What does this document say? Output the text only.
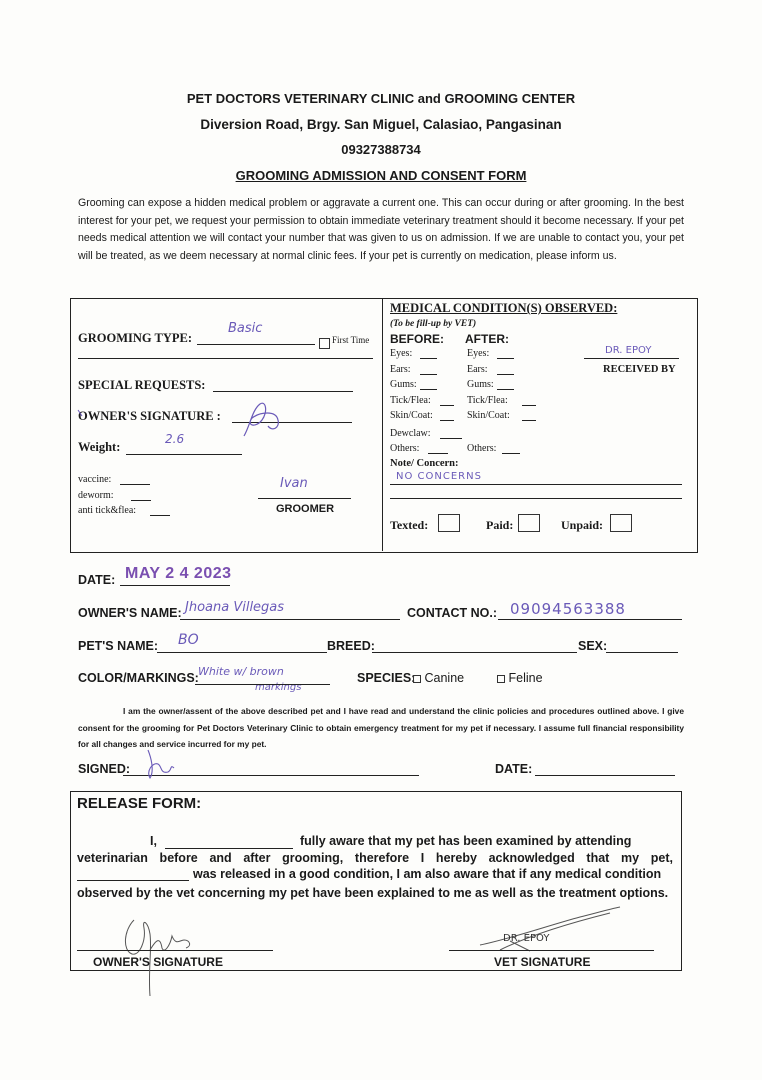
PET DOCTORS VETERINARY CLINIC and GROOMING CENTER
Diversion Road, Brgy. San Miguel, Calasiao, Pangasinan
09327388734
GROOMING ADMISSION AND CONSENT FORM
Grooming can expose a hidden medical problem or aggravate a current one. This can occur during or after grooming. In the best interest for your pet, we request your permission to obtain immediate veterinary treatment should it become necessary. If your pet needs medical attention we will contact your number that was given to us on admission. If we are unable to contact you, your pet will be treated, as we deem necessary at normal clinic fees. If your pet is currently on medication, please inform us.
GROOMING TYPE:
Basic
First Time
SPECIAL REQUESTS:
OWNER'S SIGNATURE :
Weight:
2.6
vaccine:
deworm:
anti tick&flea:
Ivan
GROOMER
MEDICAL CONDITION(S) OBSERVED:
(To be fill-up by VET)
BEFORE: AFTER:
Eyes:	Eyes:
Ears:	Ears:
Gums:	Gums:
Tick/Flea:	Tick/Flea:
Skin/Coat:	Skin/Coat:
Dewclaw:
Others:	Others:
Note/ Concern:
NO CONCERNS
DR. EPOY
RECEIVED BY
Texted:	Paid:	Unpaid:
DATE: MAY 2 4 2023
OWNER'S NAME: Jhoana Villegas	CONTACT NO.: 09094563388
PET'S NAME: BO	BREED:	SEX:
COLOR/MARKINGS: White w/ brown
markings
SPECIES: Canine	Feline
I am the owner/assent of the above described pet and I have read and understand the clinic policies and procedures outlined above. I give consent for the grooming for Pet Doctors Veterinary Clinic to obtain emergency treatment for my pet if necessary. I assume full financial responsibility for all changes and service incurred for my pet.
SIGNED:	DATE:
RELEASE FORM:
I,	fully aware that my pet has been examined by attending
veterinarian before and after grooming, therefore I hereby acknowledged that my pet,
was released in a good condition, I am also aware that if any medical condition
observed by the vet concerning my pet have been explained to me as well as the treatment options.
OWNER'S SIGNATURE
DR. EPOY
VET SIGNATURE
